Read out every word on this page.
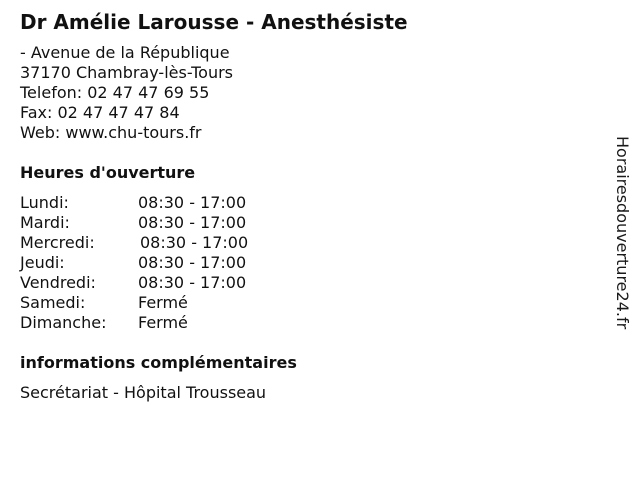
Dr Amélie Larousse - Anesthésiste
- Avenue de la République
37170 Chambray-lès-Tours
Telefon: 02 47 47 69 55
Fax: 02 47 47 47 84
Web: www.chu-tours.fr
Heures d'ouverture
Lundi:	08:30 - 17:00
Mardi:	08:30 - 17:00
Mercredi:	08:30 - 17:00
Jeudi:	08:30 - 17:00
Vendredi:	08:30 - 17:00
Samedi:	Fermé
Dimanche: Fermé
informations complémentaires
Secrétariat - Hôpital Trousseau
Horairesdouverture24.fr
